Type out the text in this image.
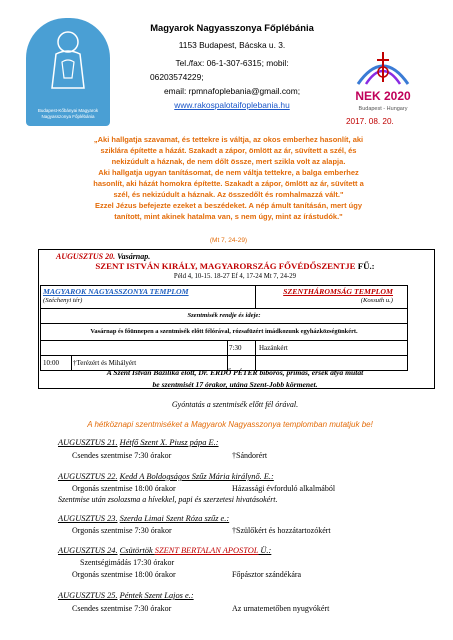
Budapest-Kőbányai Magyarok Nagyasszonya Főplébánia
Magyarok Nagyasszonya Főplébánia
1153 Budapest, Bácska u. 3.
Tel./fax: 06-1-307-6315; mobil:
06203574229;
email: rpmnafoplebania@gmail.com;
www.rakospalotaifoplebania.hu
NEK 2020
Budapest - Hungary
2017. 08. 20.
„Aki hallgatja szavamat, és tettekre is váltja, az okos emberhez hasonlít, aki
sziklára építette a házát. Szakadt a zápor, ömlött az ár, süvített a szél, és
nekizúdult a háznak, de nem dőlt össze, mert szikla volt az alapja.
Aki hallgatja ugyan tanításomat, de nem váltja tettekre, a balga emberhez
hasonlít, aki házát homokra építette. Szakadt a zápor, ömlött az ár, süvített a
szél, és nekizúdult a háznak. Az összedőlt és romhalmazzá vált."
Ezzel Jézus befejezte ezeket a beszédeket. A nép ámult tanításán, mert úgy
tanított, mint akinek hatalma van, s nem úgy, mint az írástudók."
(Mt 7, 24-29)
AUGUSZTUS 20. Vasárnap.
SZENT ISTVÁN KIRÁLY, MAGYARORSZÁG FŐVÉDŐSZENTJE FŰ.:
Péld 4, 10-15. 18-27 Ef 4, 17-24 Mt 7, 24-29
MAGYAROK NAGYASSZONYA TEMPLOM
(Széchenyi tér)
SZENTHÁROMSÁG TEMPLOM
(Kossuth u.)
Szentmisék rendje és ideje:
Vasárnap és főünnepen a szentmisék előtt félórával, rózsafüzért imádkozunk egyházközségünkért.
7:30	Hazánkért
10:00	†Terézért és Mihályért
A Szent István Bazilika előtt, Dr. ERDŐ PÉTER bíboros, prímás, érsek atya mutat
be szentmisét 17 órakor, utána Szent-Jobb körmenet.
Gyóntatás a szentmisék előtt fél órával.
A hétköznapi szentmiséket a Magyarok Nagyasszonya templomban mutatjuk be!
AUGUSZTUS 21. Hétfő Szent X. Piusz pápa E.:
Csendes szentmise 7:30 órakor	†Sándorért
AUGUSZTUS 22. Kedd A Boldogságos Szűz Mária királynő. E.:
Orgonás szentmise 18:00 órakor	Házassági évforduló alkalmából
Szentmise után zsolozsma a hívekkel, papi és szerzetesi hivatásokért.
AUGUSZTUS 23. Szerda Limai Szent Róza szűz e.:
Orgonás szentmise 7:30 órakor	†Szülőkért és hozzátartozókért
AUGUSZTUS 24. Csütörtök SZENT BERTALAN APOSTOL Ü.:
Szentségimádás 17:30 órakor
Orgonás szentmise 18:00 órakor	Főpásztor szándékára
AUGUSZTUS 25. Péntek Szent Lajos e.:
Csendes szentmise 7:30 órakor	Az urnatemetőben nyugvókért
